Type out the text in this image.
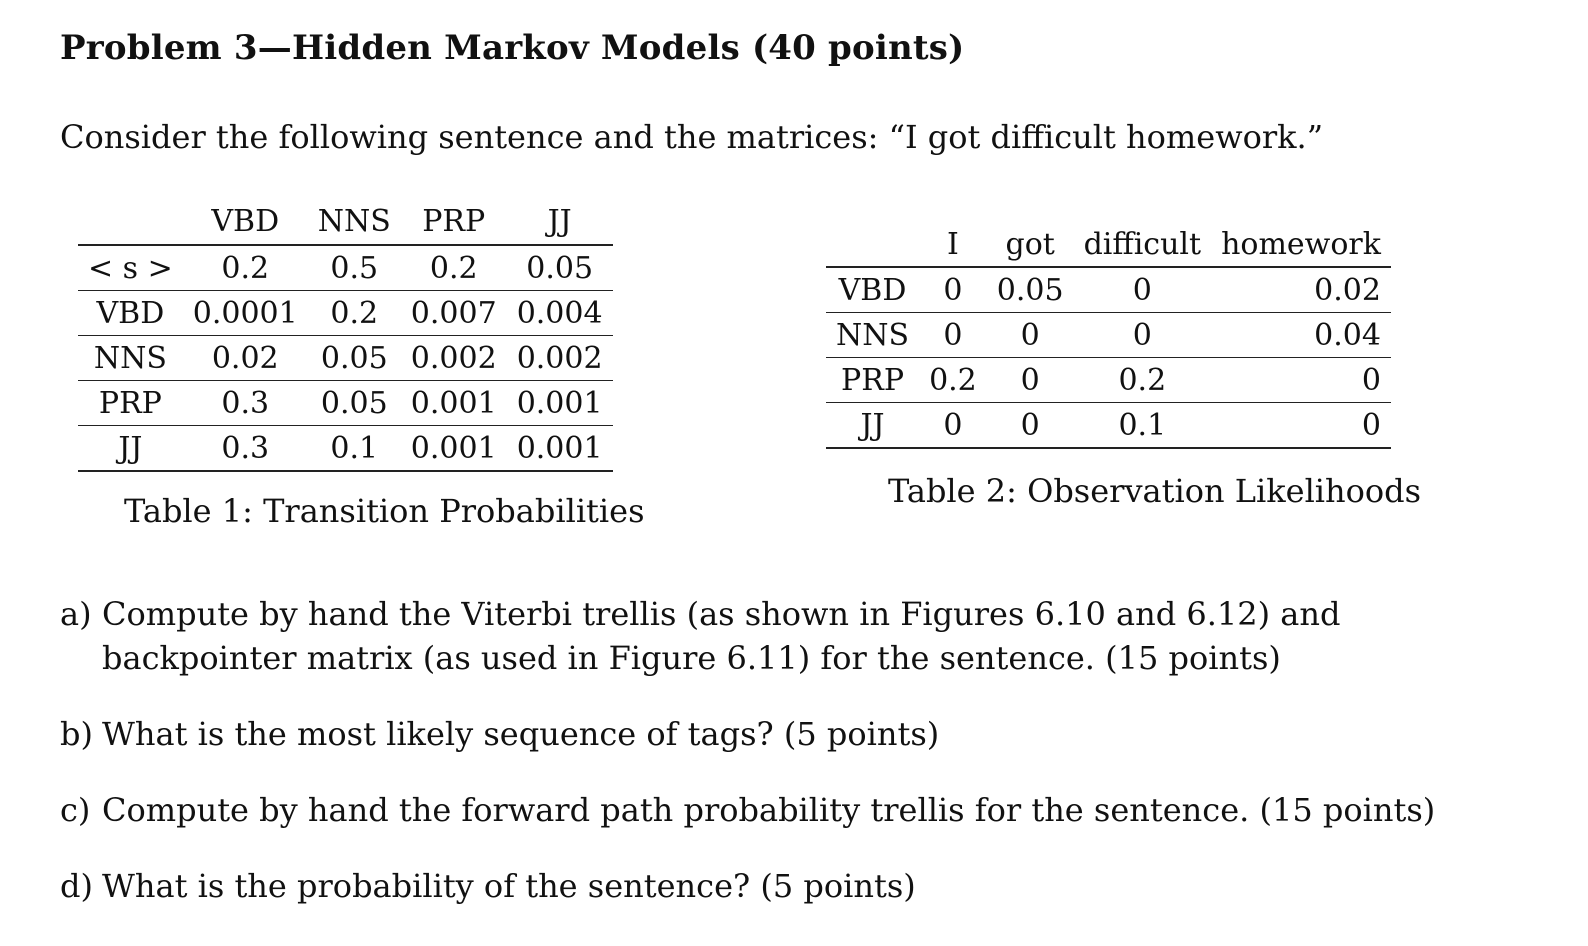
Problem 3—Hidden Markov Models (40 points)
Consider the following sentence and the matrices: “I got difficult homework.”
	VBD	NNS	PRP	JJ
< s >	0.2	0.5	0.2	0.05
VBD	0.0001	0.2	0.007	0.004
NNS	0.02	0.05	0.002	0.002
PRP	0.3	0.05	0.001	0.001
JJ	0.3	0.1	0.001	0.001
Table 1: Transition Probabilities
	I	got	difficult	homework
VBD	0	0.05	0	0.02
NNS	0	0	0	0.04
PRP	0.2	0	0.2	0
JJ	0	0	0.1	0
Table 2: Observation Likelihoods
a) Compute by hand the Viterbi trellis (as shown in Figures 6.10 and 6.12) and backpointer matrix (as used in Figure 6.11) for the sentence. (15 points)
b) What is the most likely sequence of tags? (5 points)
c) Compute by hand the forward path probability trellis for the sentence. (15 points)
d) What is the probability of the sentence? (5 points)
